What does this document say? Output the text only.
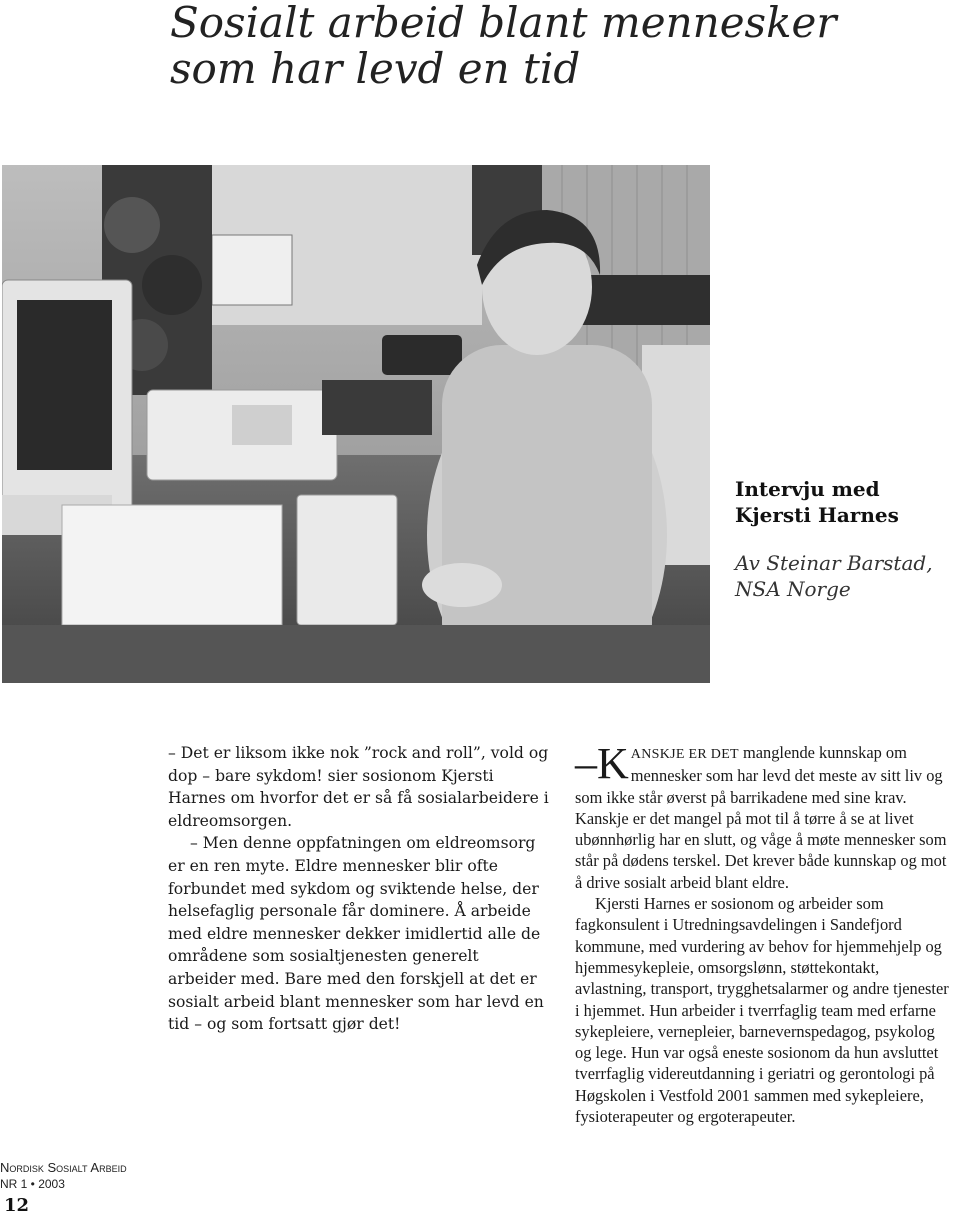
Sosialt arbeid blant mennesker
som har levd en tid
Intervju med
Kjersti Harnes
Av Steinar Barstad,
NSA Norge

– Det er liksom ikke nok ”rock and roll”, vold og dop – bare sykdom! sier sosionom Kjersti Harnes om hvorfor det er så få sosialarbeidere i eldreomsorgen.

– Men denne oppfatningen om eldreomsorg er en ren myte. Eldre mennesker blir ofte forbundet med sykdom og sviktende helse, der helsefaglig personale får dominere. Å arbeide med eldre mennesker dekker imidlertid alle de områdene som sosialtjenesten generelt arbeider med. Bare med den forskjell at det er sosialt arbeid blant mennesker som har levd en tid – og som fortsatt gjør det!

–K ANSKJE ER DET manglende kunnskap om mennesker som har levd det meste av sitt liv og som ikke står øverst på barrikadene med sine krav. Kanskje er det mangel på mot til å tørre å se at livet ubønnhørlig har en slutt, og våge å møte mennesker som står på dødens terskel. Det krever både kunnskap og mot å drive sosialt arbeid blant eldre.

Kjersti Harnes er sosionom og arbeider som fagkonsulent i Utredningsavdelingen i Sandefjord kommune, med vurdering av behov for hjemmehjelp og hjemmesykepleie, omsorgslønn, støttekontakt, avlastning, transport, trygghetsalarmer og andre tjenester i hjemmet. Hun arbeider i tverrfaglig team med erfarne sykepleiere, vernepleier, barnevernspedagog, psykolog og lege. Hun var også eneste sosionom da hun avsluttet tverrfaglig videreutdanning i geriatri og gerontologi på Høgskolen i Vestfold 2001 sammen med sykepleiere, fysioterapeuter og ergoterapeuter.

Nordisk Sosialt Arbeid
NR 1 • 2003
12
